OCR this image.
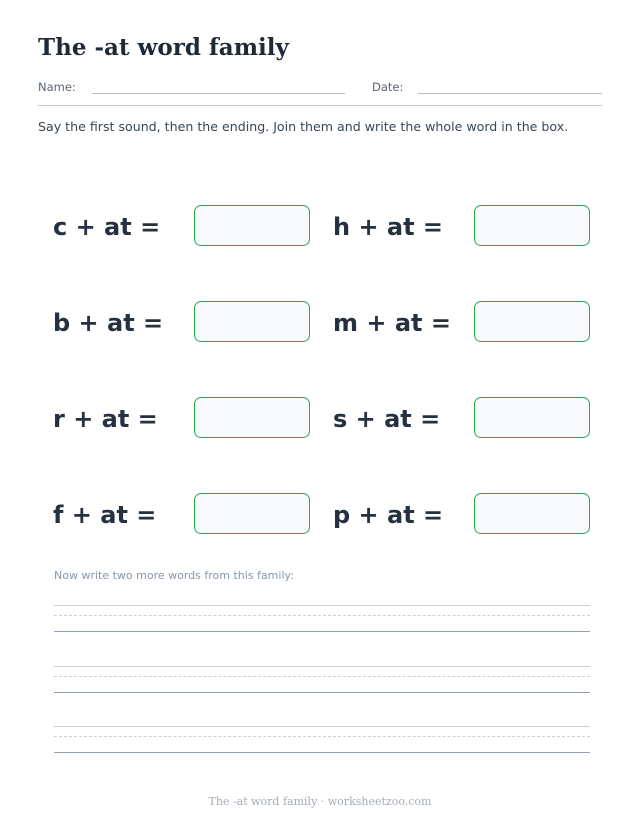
The -at word family
Name:	Date:
Say the first sound, then the ending. Join them and write the whole word in the box.
c + at =	h + at =
b + at =	m + at =
r + at =	s + at =
f + at =	p + at =
Now write two more words from this family:
The -at word family · worksheetzoo.com
